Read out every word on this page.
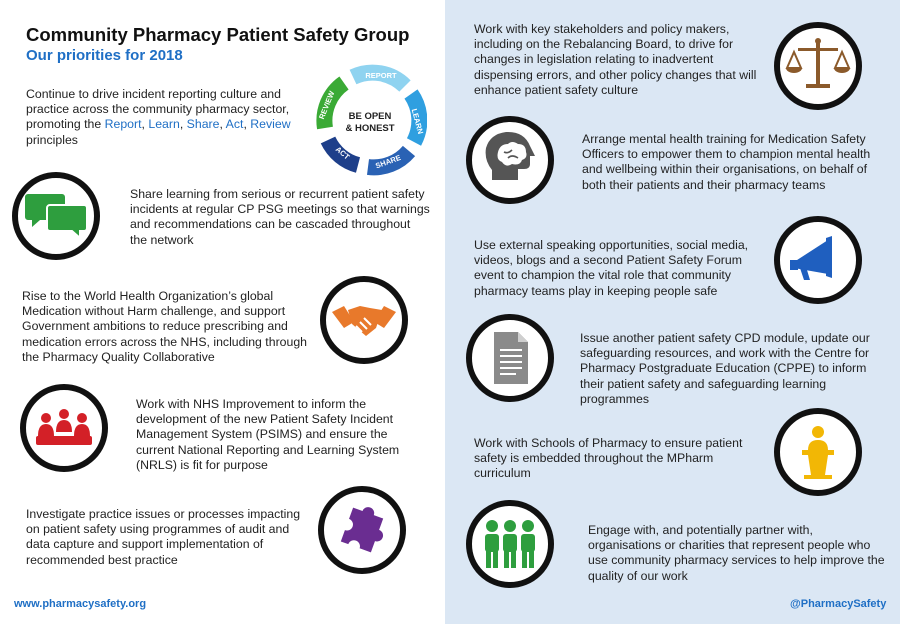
Community Pharmacy Patient Safety Group
Our priorities for 2018
Continue to drive incident reporting culture and practice across the community pharmacy sector, promoting the Report, Learn, Share, Act, Review principles
REPORT
LEARN
SHARE
ACT
REVIEW BE OPEN
& HONEST
Share learning from serious or recurrent patient safety incidents at regular CP PSG meetings so that warnings and recommendations can be cascaded throughout the network
Rise to the World Health Organization’s global Medication without Harm challenge, and support Government ambitions to reduce prescribing and medication errors across the NHS, including through the Pharmacy Quality Collaborative
Work with NHS Improvement to inform the development of the new Patient Safety Incident Management System (PSIMS) and ensure the current National Reporting and Learning System (NRLS) is fit for purpose
Investigate practice issues or processes impacting on patient safety using programmes of audit and data capture and support implementation of recommended best practice
Work with key stakeholders and policy makers, including on the Rebalancing Board, to drive for changes in legislation relating to inadvertent dispensing errors, and other policy changes that will enhance patient safety culture
Arrange mental health training for Medication Safety Officers to empower them to champion mental health and wellbeing within their organisations, on behalf of both their patients and their pharmacy teams
Use external speaking opportunities, social media, videos, blogs and a second Patient Safety Forum event to champion the vital role that community pharmacy teams play in keeping people safe
Issue another patient safety CPD module, update our safeguarding resources, and work with the Centre for Pharmacy Postgraduate Education (CPPE) to inform their patient safety and safeguarding learning programmes
Work with Schools of Pharmacy to ensure patient safety is embedded throughout the MPharm curriculum
Engage with, and potentially partner with, organisations or charities that represent people who use community pharmacy services to help improve the quality of our work
www.pharmacysafety.org	@PharmacySafety
